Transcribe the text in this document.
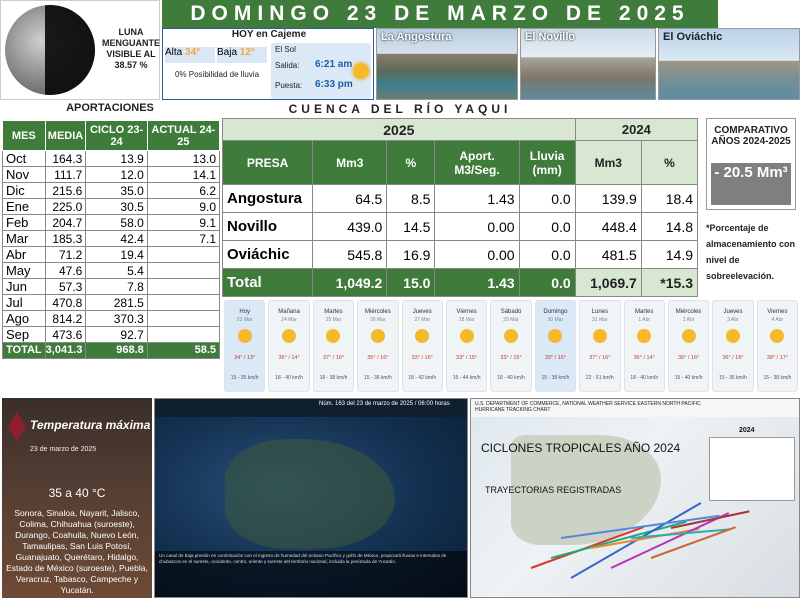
LUNA MENGUANTE VISIBLE AL 38.57 %
DOMINGO 23 DE MARZO DE 2025
HOY en Cajeme
Alta 34°	Baja 12°
0% Posibilidad de lluvia
El Sol
Salida: 6:21 am
Puesta: 6:33 pm
La Angostura	El Novillo	El Oviáchic
APORTACIONES
MES	MEDIA	CICLO 23-24	ACTUAL 24-25
Oct	164.3	13.9	13.0
Nov	111.7	12.0	14.1
Dic	215.6	35.0	6.2
Ene	225.0	30.5	9.0
Feb	204.7	58.0	9.1
Mar	185.3	42.4	7.1
Abr	71.2	19.4	
May	47.6	5.4	
Jun	57.3	7.8	
Jul	470.8	281.5	
Ago	814.2	370.3	
Sep	473.6	92.7	
TOTAL	3,041.3	968.8	58.5
CUENCA DEL RÍO YAQUI
2025					2024	
PRESA	Mm3	%	Aport. M3/Seg.	Lluvia (mm)	Mm3	%
Angostura	64.5	8.5	1.43	0.0	139.9	18.4
Novillo	439.0	14.5	0.00	0.0	448.4	14.8
Oviáchic	545.8	16.9	0.00	0.0	481.5	14.9
Total	1,049.2	15.0	1.43	0.0	1,069.7	*15.3
COMPARATIVO AÑOS 2024-2025
- 20.5 Mm³
*Porcentaje de almacenamiento con nivel de sobreelevación.
Hoy
23 Mar
34° / 13°
15 - 35 km/h
Mañana
24 Mar
36° / 14°
18 - 40 km/h
Martes
25 Mar
37° / 16°
18 - 38 km/h
Miércoles
26 Mar
35° / 16°
15 - 36 km/h
Jueves
27 Mar
33° / 16°
18 - 42 km/h
Viernes
28 Mar
33° / 15°
15 - 44 km/h
Sábado
29 Mar
33° / 15°
18 - 40 km/h
Domingo
30 Mar
33° / 16°
15 - 38 km/h
Lunes
31 Mar
37° / 16°
22 - 51 km/h
Martes
1 Abr
36° / 14°
18 - 40 km/h
Miércoles
2 Abr
36° / 16°
15 - 40 km/h
Jueves
3 Abr
36° / 16°
15 - 36 km/h
Viernes
4 Abr
38° / 17°
15 - 38 km/h
Temperatura máxima
23 de marzo de 2025
35 a 40 °C
Sonora, Sinaloa, Nayarit, Jalisco, Colima, Chihuahua (suroeste), Durango, Coahuila, Nuevo León, Tamaulipas, San Luis Potosí, Guanajuato, Querétaro, Hidalgo, Estado de México (suroeste), Puebla, Veracruz, Tabasco, Campeche y Yucatán.
Núm. 163 del 23 de marzo de 2025 / 06:00 horas
Un canal de baja presión en combinación con el ingreso de humedad del océano Pacífico y golfo de México, propiciará lluvias e intervalos de chubascos en el sureste, occidente, centro, oriente y sureste del territorio nacional, incluida la península de Yucatán.
U.S. DEPARTMENT OF COMMERCE, NATIONAL WEATHER SERVICE EASTERN NORTH PACIFIC HURRICANE TRACKING CHART
CICLONES TROPICALES AÑO 2024
TRAYECTORIAS REGISTRADAS
2024
